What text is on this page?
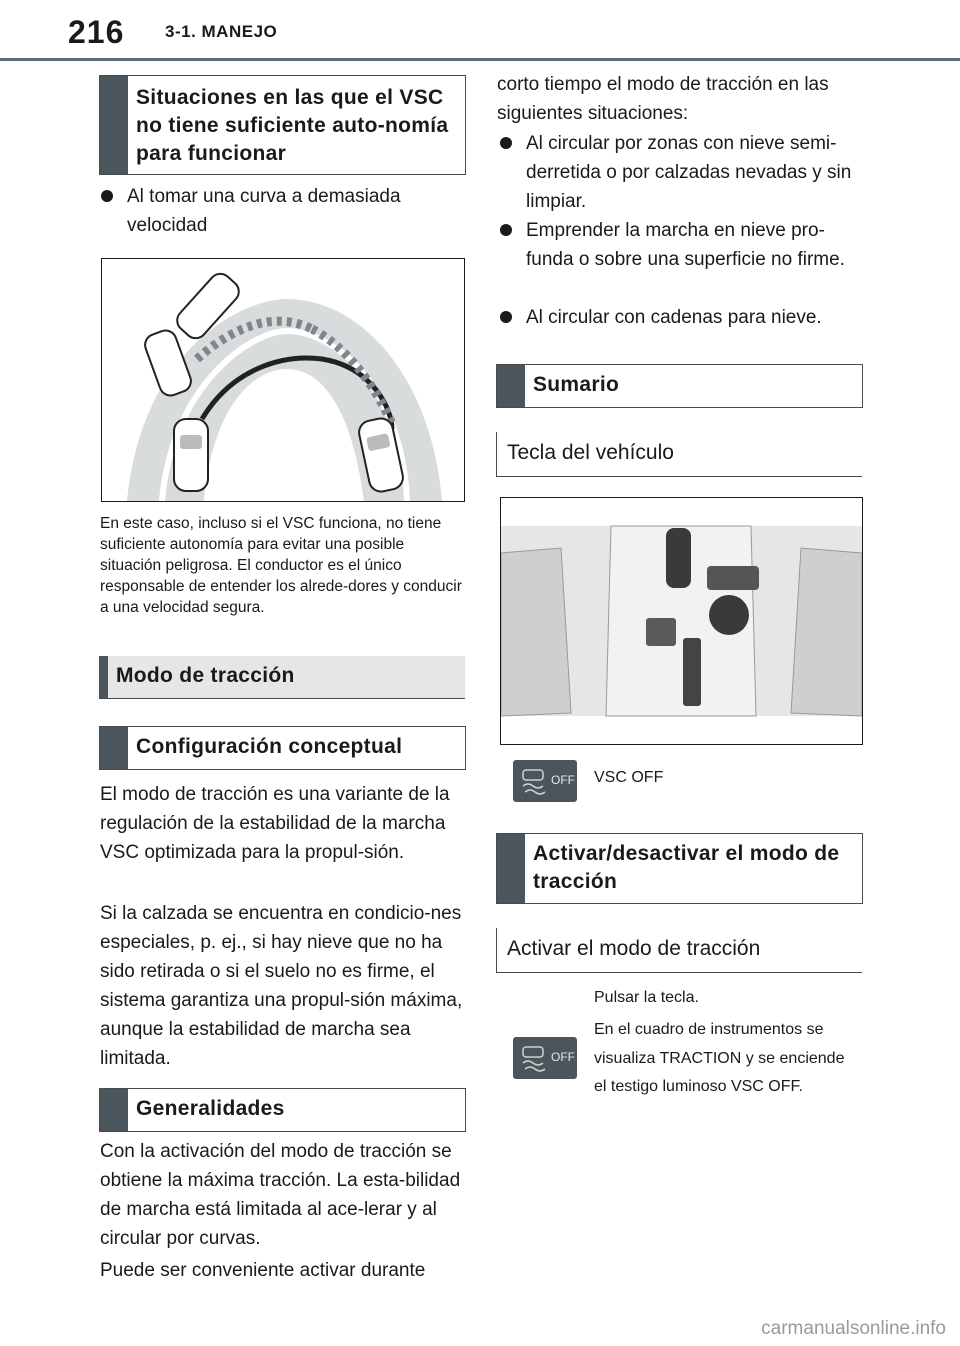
216 3-1. MANEJO
Situaciones en las que el VSC no tiene suficiente auto-nomía para funcionar
Al tomar una curva a demasiada velocidad
En este caso, incluso si el VSC funciona, no tiene suficiente autonomía para evitar una posible situación peligrosa. El conductor es el único responsable de entender los alrede-dores y conducir a una velocidad segura.
Modo de tracción
Configuración conceptual
El modo de tracción es una variante de la regulación de la estabilidad de la marcha VSC optimizada para la propul-sión.
Si la calzada se encuentra en condicio-nes especiales, p. ej., si hay nieve que no ha sido retirada o si el suelo no es firme, el sistema garantiza una propul-sión máxima, aunque la estabilidad de marcha sea limitada.
Generalidades
Con la activación del modo de tracción se obtiene la máxima tracción. La esta-bilidad de marcha está limitada al ace-lerar y al circular por curvas.
Puede ser conveniente activar durante
corto tiempo el modo de tracción en las siguientes situaciones:
Al circular por zonas con nieve semi-derretida o por calzadas nevadas y sin limpiar.
Emprender la marcha en nieve pro-funda o sobre una superficie no firme.
Al circular con cadenas para nieve.
Sumario
Tecla del vehículo
OFF VSC OFF
Activar/desactivar el modo de tracción
Activar el modo de tracción
Pulsar la tecla.
En el cuadro de instrumentos se visualiza TRACTION y se enciende el testigo luminoso VSC OFF.
OFF
carmanualsonline.info
